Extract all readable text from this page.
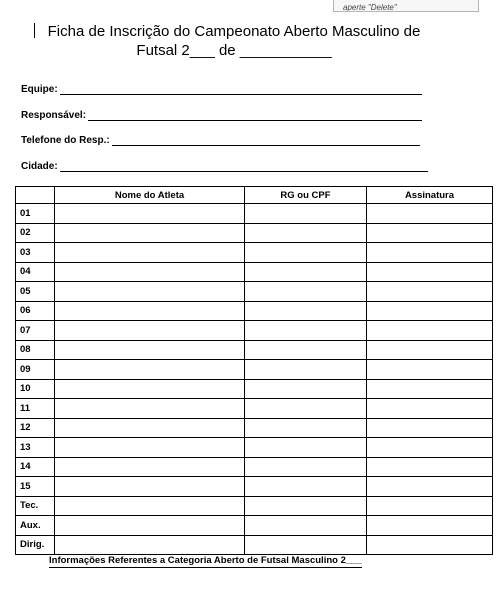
aperte "Delete"
Ficha de Inscrição do Campeonato Aberto Masculino de
Futsal 2___ de ___________
Equipe:
Responsável:
Telefone do Resp.:
Cidade:
	Nome do Atleta	RG ou CPF	Assinatura
01			
02			
03			
04			
05			
06			
07			
08			
09			
10			
11			
12			
13			
14			
15			
Tec.			
Aux.			
Dirig.			
Informações Referentes a Categoria Aberto de Futsal Masculino 2___
